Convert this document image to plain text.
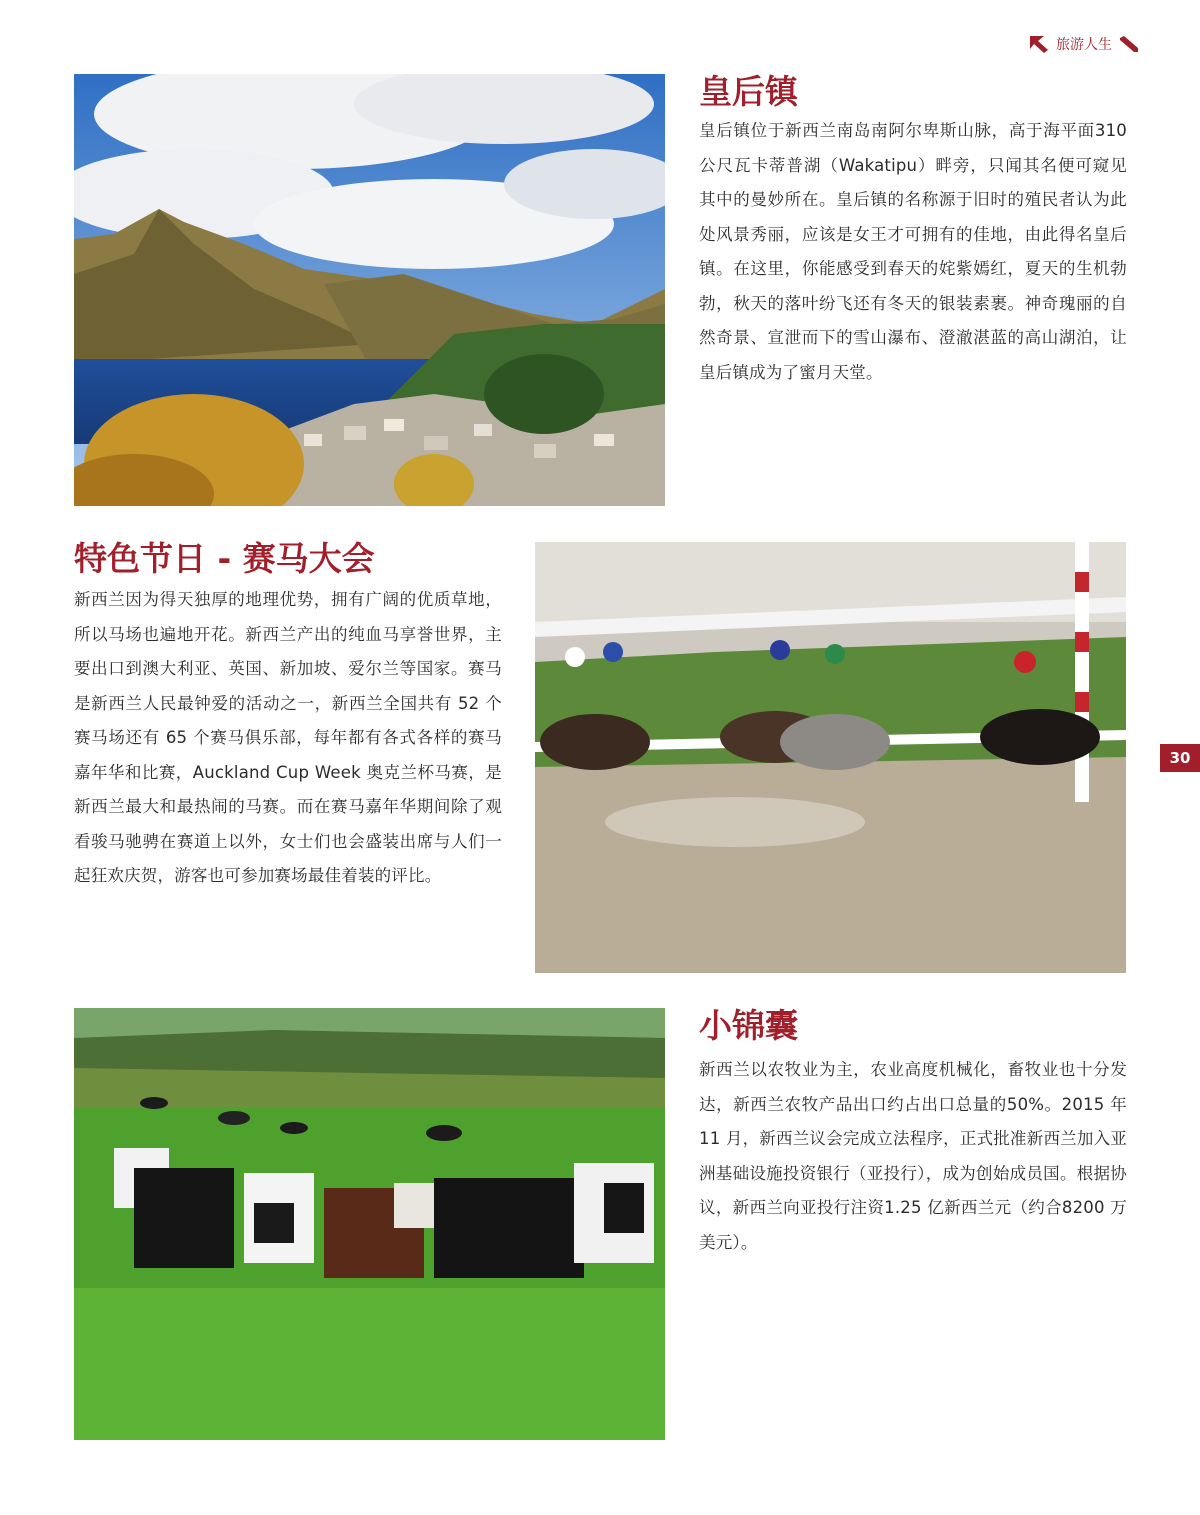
旅游人生
30
皇后镇

皇后镇位于新西兰南岛南阿尔卑斯山脉，高于海平面310 公尺瓦卡蒂普湖（Wakatipu）畔旁，只闻其名便可窥见其中的曼妙所在。皇后镇的名称源于旧时的殖民者认为此处风景秀丽，应该是女王才可拥有的佳地，由此得名皇后镇。在这里，你能感受到春天的姹紫嫣红，夏天的生机勃勃，秋天的落叶纷飞还有冬天的银装素裹。神奇瑰丽的自然奇景、宣泄而下的雪山瀑布、澄澈湛蓝的高山湖泊，让皇后镇成为了蜜月天堂。

特色节日 - 赛马大会

新西兰因为得天独厚的地理优势，拥有广阔的优质草地，所以马场也遍地开花。新西兰产出的纯血马享誉世界，主要出口到澳大利亚、英国、新加坡、爱尔兰等国家。赛马是新西兰人民最钟爱的活动之一，新西兰全国共有 52 个赛马场还有 65 个赛马俱乐部，每年都有各式各样的赛马嘉年华和比赛，Auckland Cup Week 奥克兰杯马赛，是新西兰最大和最热闹的马赛。而在赛马嘉年华期间除了观看骏马驰骋在赛道上以外，女士们也会盛装出席与人们一起狂欢庆贺，游客也可参加赛场最佳着装的评比。

小锦囊

新西兰以农牧业为主，农业高度机械化，畜牧业也十分发达，新西兰农牧产品出口约占出口总量的50%。2015 年11 月，新西兰议会完成立法程序，正式批准新西兰加入亚洲基础设施投资银行（亚投行），成为创始成员国。根据协议，新西兰向亚投行注资1.25 亿新西兰元（约合8200 万美元）。
